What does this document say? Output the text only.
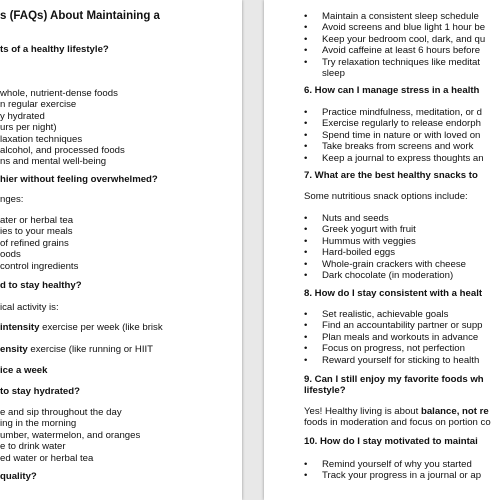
s (FAQs) About Maintaining a
ts of a healthy lifestyle?
whole, nutrient-dense foods
n regular exercise
y hydrated
urs per night)
laxation techniques
alcohol, and processed foods
ns and mental well-being
hier without feeling overwhelmed?
nges:
ater or herbal tea
ies to your meals
of refined grains
oods
control ingredients
d to stay healthy?
ical activity is:
intensity exercise per week (like brisk
ensity exercise (like running or HIIT
ice a week
to stay hydrated?
e and sip throughout the day
ing in the morning
umber, watermelon, and oranges
e to drink water
ed water or herbal tea
quality?
• Maintain a consistent sleep schedule
• Avoid screens and blue light 1 hour be
• Keep your bedroom cool, dark, and qu
• Avoid caffeine at least 6 hours before
• Try relaxation techniques like meditat
sleep
6. How can I manage stress in a health
• Practice mindfulness, meditation, or d
• Exercise regularly to release endorph
• Spend time in nature or with loved on
• Take breaks from screens and work
• Keep a journal to express thoughts an
7. What are the best healthy snacks to
Some nutritious snack options include:
• Nuts and seeds
• Greek yogurt with fruit
• Hummus with veggies
• Hard-boiled eggs
• Whole-grain crackers with cheese
• Dark chocolate (in moderation)
8. How do I stay consistent with a healt
• Set realistic, achievable goals
• Find an accountability partner or supp
• Plan meals and workouts in advance
• Focus on progress, not perfection
• Reward yourself for sticking to health
9. Can I still enjoy my favorite foods wh
lifestyle?
Yes! Healthy living is about balance, not re
foods in moderation and focus on portion co
10. How do I stay motivated to maintai
• Remind yourself of why you started
• Track your progress in a journal or ap
